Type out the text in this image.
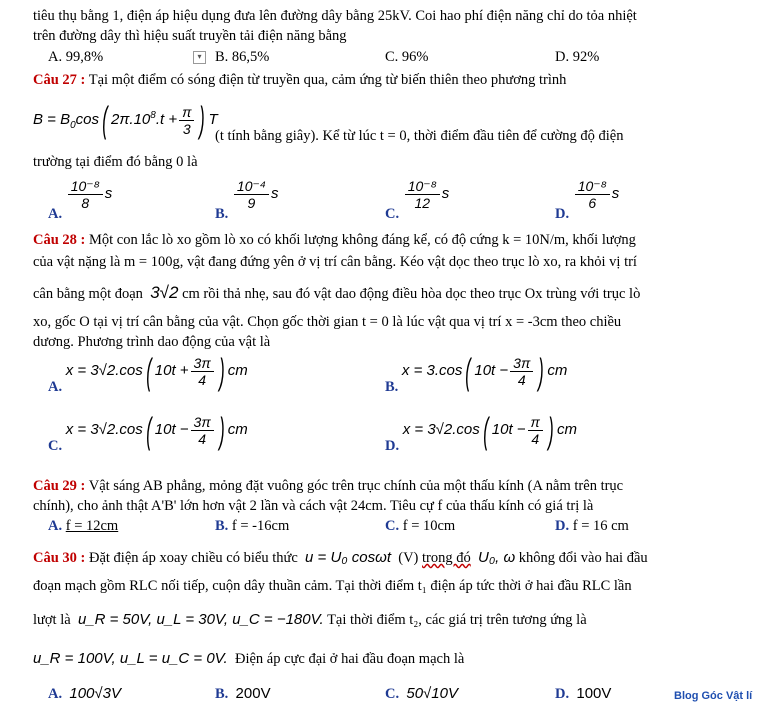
tiêu thụ bằng 1, điện áp hiệu dụng đưa lên đường dây bằng 25kV. Coi hao phí điện năng chỉ do tỏa nhiệt
trên đường dây thì hiệu suất truyền tải điện năng bằng
A. 99,8%	▾ B. 86,5%	C. 96%	D. 92%
Câu 27 : Tại một điểm có sóng điện từ truyền qua, cảm ứng từ biến thiên theo phương trình
$B = B_0\cos$( $2\pi.10^8.t + \frac{\pi}{3}$ ) T
(t tính bằng giây). Kể từ lúc t = 0, thời điểm đầu tiên để cường độ điện
trường tại điểm đó bằng 0 là
A.
$\frac{\text{10⁻⁸}}{8}$ s
B.
$\frac{\text{10⁻⁴}}{9}$ s
C.
$\frac{\text{10⁻⁸}}{12}$ s
D.
$\frac{\text{10⁻⁸}}{6}$ s
Câu 28 : Một con lắc lò xo gồm lò xo có khối lượng không đáng kể, có độ cứng k = 10N/m, khối lượng
của vật nặng là m = 100g, vật đang đứng yên ở vị trí cân bằng. Kéo vật dọc theo trục lò xo, ra khỏi vị trí
cân bằng một đoạn 3√2 cm rồi thả nhẹ, sau đó vật dao động điều hòa dọc theo trục Ox trùng với trục lò
xo, gốc O tại vị trí cân bằng của vật. Chọn gốc thời gian t = 0 là lúc vật qua vị trí x = -3cm theo chiều
dương. Phương trình dao động của vật là
A. x = 3√2.cos( $10t + \frac{3\pi}{4}$ ) cm
B. x = 3.cos( $10t - \frac{3\pi}{4}$ ) cm
C. x = 3√2.cos( $10t - \frac{3\pi}{4}$ ) cm
D. x = 3√2.cos( $10t - \frac{\pi}{4}$ ) cm
Câu 29 : Vật sáng AB phẳng, mỏng đặt vuông góc trên trục chính của một thấu kính (A nằm trên trục
chính), cho ảnh thật A'B' lớn hơn vật 2 lần và cách vật 24cm. Tiêu cự f của thấu kính có giá trị là
A. f = 12cm	B. f = -16cm	C. f = 10cm	D. f = 16 cm
Câu 30 : Đặt điện áp xoay chiều có biểu thức u = U₀ cosωt (V) trong đó U₀, ω không đổi vào hai đầu
đoạn mạch gồm RLC nối tiếp, cuộn dây thuần cảm. Tại thời điểm t₁ điện áp tức thời ở hai đầu RLC lần
lượt là u_R = 50V, u_L = 30V, u_C = −180V. Tại thời điểm t₂, các giá trị trên tương ứng là
u_R = 100V, u_L = u_C = 0V. Điện áp cực đại ở hai đầu đoạn mạch là
A. 100√3V	B. 200V	C. 50√10V	D. 100V	Blog Góc Vật lí
